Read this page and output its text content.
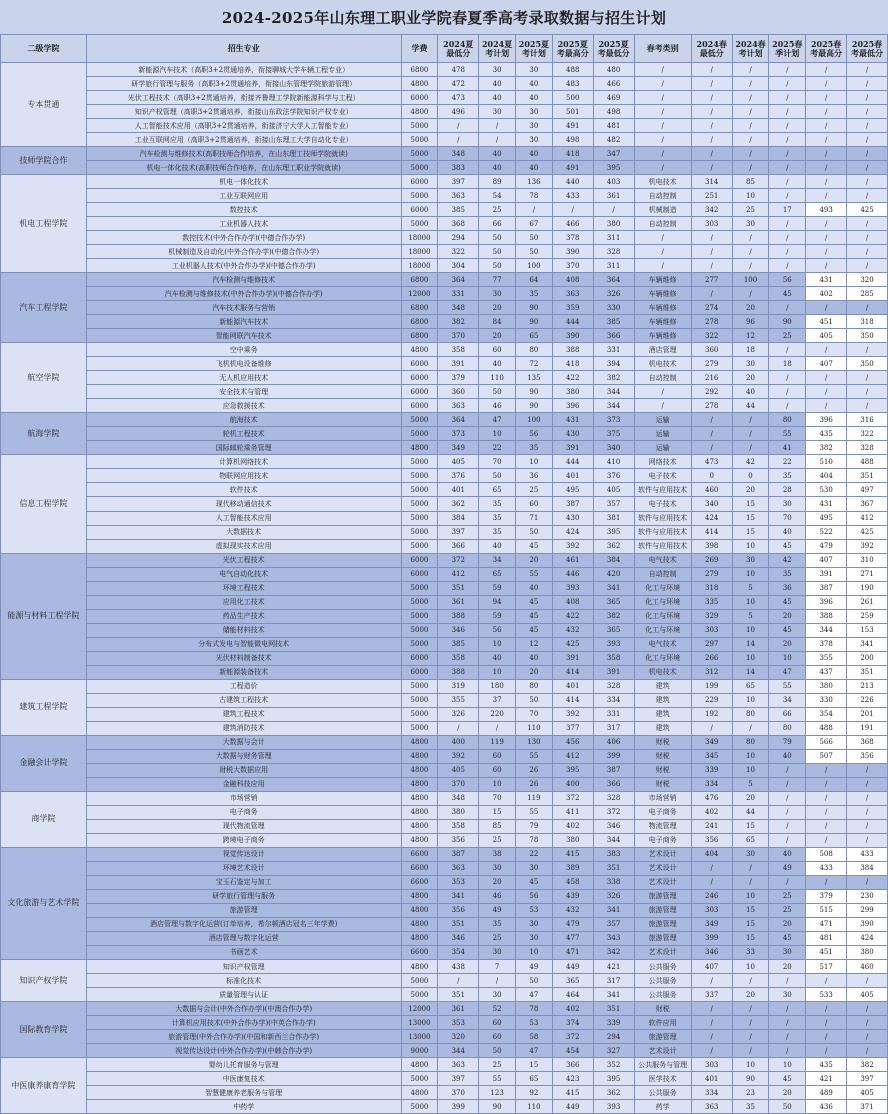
2024-2025年山东理工职业学院春夏季高考录取数据与招生计划
二级学院	招生专业	学费	2024夏最低分	2024夏考计划	2025夏考计划	2025夏考最高分	2025夏考最低分	春考类别	2024春最低分	2024春考计划	2025春季计划	2025春考最高分	2025春考最低分
专本贯通	新能源汽车技术（高职3+2贯通培养，衔接聊城大学车辆工程专业）	6800	478	30	30	488	480	/	/	/	/	/	/
	研学旅行管理与服务（高职3+2贯通培养，衔接山东管理学院旅游管理）	4800	472	40	40	483	466	/	/	/	/	/	/
	光伏工程技术（高职3+2贯通培养，衔接齐鲁理工学院新能源科学与工程）	6000	473	40	40	500	469	/	/	/	/	/	/
	知识产权管理（高职3+2贯通培养，衔接山东政法学院知识产权专业）	4800	496	30	30	501	498	/	/	/	/	/	/
	人工智能技术应用（高职3+2贯通培养，衔接济宁大学人工智能专业）	5000	/	/	30	491	481	/	/	/	/	/	/
	工业互联网应用（高职3+2贯通培养，衔接山东理工大学自动化专业）	5000	/	/	30	498	482	/	/	/	/	/	/
技师学院合作	汽车检测与维修技术(高职技师合作培养，在山东理工技师学院就读)	5000	348	40	40	418	347	/	/	/	/	/	/
	机电一体化技术(高职技师合作培养，在山东理工职业学院就读)	5000	383	40	40	491	395	/	/	/	/	/	/
机电工程学院	机电一体化技术	6000	397	89	136	440	403	机电技术	314	85	/	/	/
	工业互联网应用	5000	363	54	78	433	361	自动控制	251	10	/	/	/
	数控技术	6000	385	25	/	/	/	机械制造	342	25	17	493	425
	工业机器人技术	5000	368	66	67	466	380	自动控制	303	30	/	/	/
	数控技术(中外合作办学)(中德合作办学)	18000	294	50	50	378	311	/	/	/	/	/	/
	机械制造及自动化(中外合作办学)(中德合作办学)	18000	322	50	50	390	328	/	/	/	/	/	/
	工业机器人技术(中外合作办学)(中德合作办学)	18000	304	50	100	370	311	/	/	/	/	/	/
汽车工程学院	汽车检测与维修技术	6800	364	77	64	408	364	车辆维修	277	100	56	431	320
	汽车检测与维修技术(中外合作办学)(中德合作办学)	12000	331	30	35	363	326	车辆维修	/	/	45	402	285
	汽车技术服务与营销	6800	348	20	90	359	330	车辆维修	274	20	/	/	/
	新能源汽车技术	6800	382	84	90	444	385	车辆维修	278	96	90	451	318
	智能网联汽车技术	6800	370	20	65	390	366	车辆维修	322	12	25	405	350
航空学院	空中乘务	4800	358	60	80	388	331	酒店管理	360	18	/	/	/
	飞机机电设备维修	6000	391	40	72	418	394	机电技术	279	30	18	407	350
	无人机应用技术	6000	379	110	135	422	382	自动控制	216	20	/	/	/
	安全技术与管理	6000	360	50	90	380	344	/	292	40	/	/	/
	应急救援技术	6000	363	46	90	396	344	/	278	44	/	/	/
航海学院	航海技术	5000	364	47	100	431	373	运输	/	/	80	396	316
	轮机工程技术	5000	373	10	56	430	375	运输	/	/	55	435	322
	国际邮轮乘务管理	4800	349	22	35	391	340	运输	/	/	41	382	328
信息工程学院	计算机网络技术	5000	405	70	10	444	410	网络技术	473	42	22	510	488
	物联网应用技术	5000	376	50	36	401	376	电子技术	0	0	35	404	351
	软件技术	5000	401	65	25	495	405	软件与应用技术	460	20	28	530	497
	现代移动通信技术	5000	362	35	60	387	357	电子技术	340	15	30	431	367
	人工智能技术应用	5000	384	35	71	430	381	软件与应用技术	424	15	70	495	412
	大数据技术	5000	397	35	50	424	395	软件与应用技术	414	15	40	522	425
	虚拟现实技术应用	5000	366	40	45	392	362	软件与应用技术	398	10	45	479	392
能源与材料工程学院	光伏工程技术	6000	372	34	20	461	384	电气技术	269	30	42	407	310
	电气自动化技术	6000	412	65	55	446	420	自动控制	279	10	35	391	271
	环境工程技术	5000	351	59	40	393	341	化工与环境	318	5	36	387	190
	应用化工技术	5000	361	94	45	408	365	化工与环境	335	10	45	396	261
	药品生产技术	5000	388	59	45	422	382	化工与环境	329	5	20	388	259
	储能材料技术	5000	346	56	45	432	365	化工与环境	303	10	45	344	153
	分布式发电与智能微电网技术	5000	385	10	12	425	393	电气技术	297	14	20	378	341
	光伏材料制备技术	6000	358	40	40	391	358	化工与环境	266	10	10	355	200
	新能源装备技术	6000	388	10	20	414	391	机电技术	312	14	47	437	351
建筑工程学院	工程造价	5000	319	180	80	401	328	建筑	199	65	55	380	213
	古建筑工程技术	5000	355	37	50	414	334	建筑	229	10	34	330	226
	建筑工程技术	5000	326	220	70	392	331	建筑	192	80	66	354	201
	建筑消防技术	5000	/	/	110	377	317	建筑	/	/	80	488	191
金融会计学院	大数据与会计	4800	400	119	130	456	406	财税	349	80	79	566	368
	大数据与财务管理	4800	392	60	55	412	399	财税	345	10	40	507	356
	财税大数据应用	4800	405	60	26	395	387	财税	339	10	/	/	/
	金融科技应用	4800	370	10	26	400	366	财税	334	5	/	/	/
商学院	市场营销	4800	348	70	119	372	328	市场营销	476	20	/	/	/
	电子商务	4800	380	15	55	411	372	电子商务	402	44	/	/	/
	现代物流管理	4800	358	85	79	402	346	物流管理	241	15	/	/	/
	跨境电子商务	4800	356	25	78	380	344	电子商务	356	65	/	/	/
文化旅游与艺术学院	视觉传达设计	6600	387	38	22	415	383	艺术设计	404	30	40	508	433
	环境艺术设计	6600	363	30	30	389	351	艺术设计	/	/	49	433	384
	宝玉石鉴定与加工	6600	353	20	45	458	338	艺术设计	/	/	/	/	/
	研学旅行管理与服务	4800	341	46	56	439	326	旅游管理	246	10	25	379	230
	旅游管理	4800	356	49	53	432	341	旅游管理	303	15	25	515	299
	酒店管理与数字化运营(订单培养，希尔顿酒店冠名三年学费)	4800	351	35	30	479	357	旅游管理	349	15	20	471	390
	酒店管理与数字化运营	4800	346	25	30	477	343	旅游管理	399	15	45	481	424
	书画艺术	6600	354	30	10	471	342	艺术设计	346	33	30	451	380
知识产权学院	知识产权管理	4800	438	7	49	449	421	公共服务	407	10	20	517	460
	标准化技术	5000	/	/	50	365	317	公共服务	/	/	/	/	/
	质量管理与认证	5000	351	30	47	464	341	公共服务	337	20	30	533	405
国际教育学院	大数据与会计(中外合作办学)(中澳合作办学)	12000	361	52	78	402	351	财税	/	/	/	/	/
	计算机应用技术(中外合作办学)(中英合作办学)	13000	353	60	53	374	339	软件应用	/	/	/	/	/
	旅游管理(中外合作办学)(中国和新西兰合作办学)	13000	320	60	58	372	294	旅游管理	/	/	/	/	/
	视觉传达设计(中外合作办学)(中韩合作办学)	9000	344	50	47	454	327	艺术设计	/	/	/	/	/
中医康养康育学院	婴幼儿托育服务与管理	4800	363	25	15	366	352	公共服务与管理	303	10	10	435	382
	中医康复技术	5000	397	55	65	423	395	医学技术	401	90	45	421	397
	智慧健康养老服务与管理	4800	370	123	92	415	362	公共服务	334	23	20	489	405
	中药学	5000	399	90	110	449	393	药学	363	35	50	436	371
